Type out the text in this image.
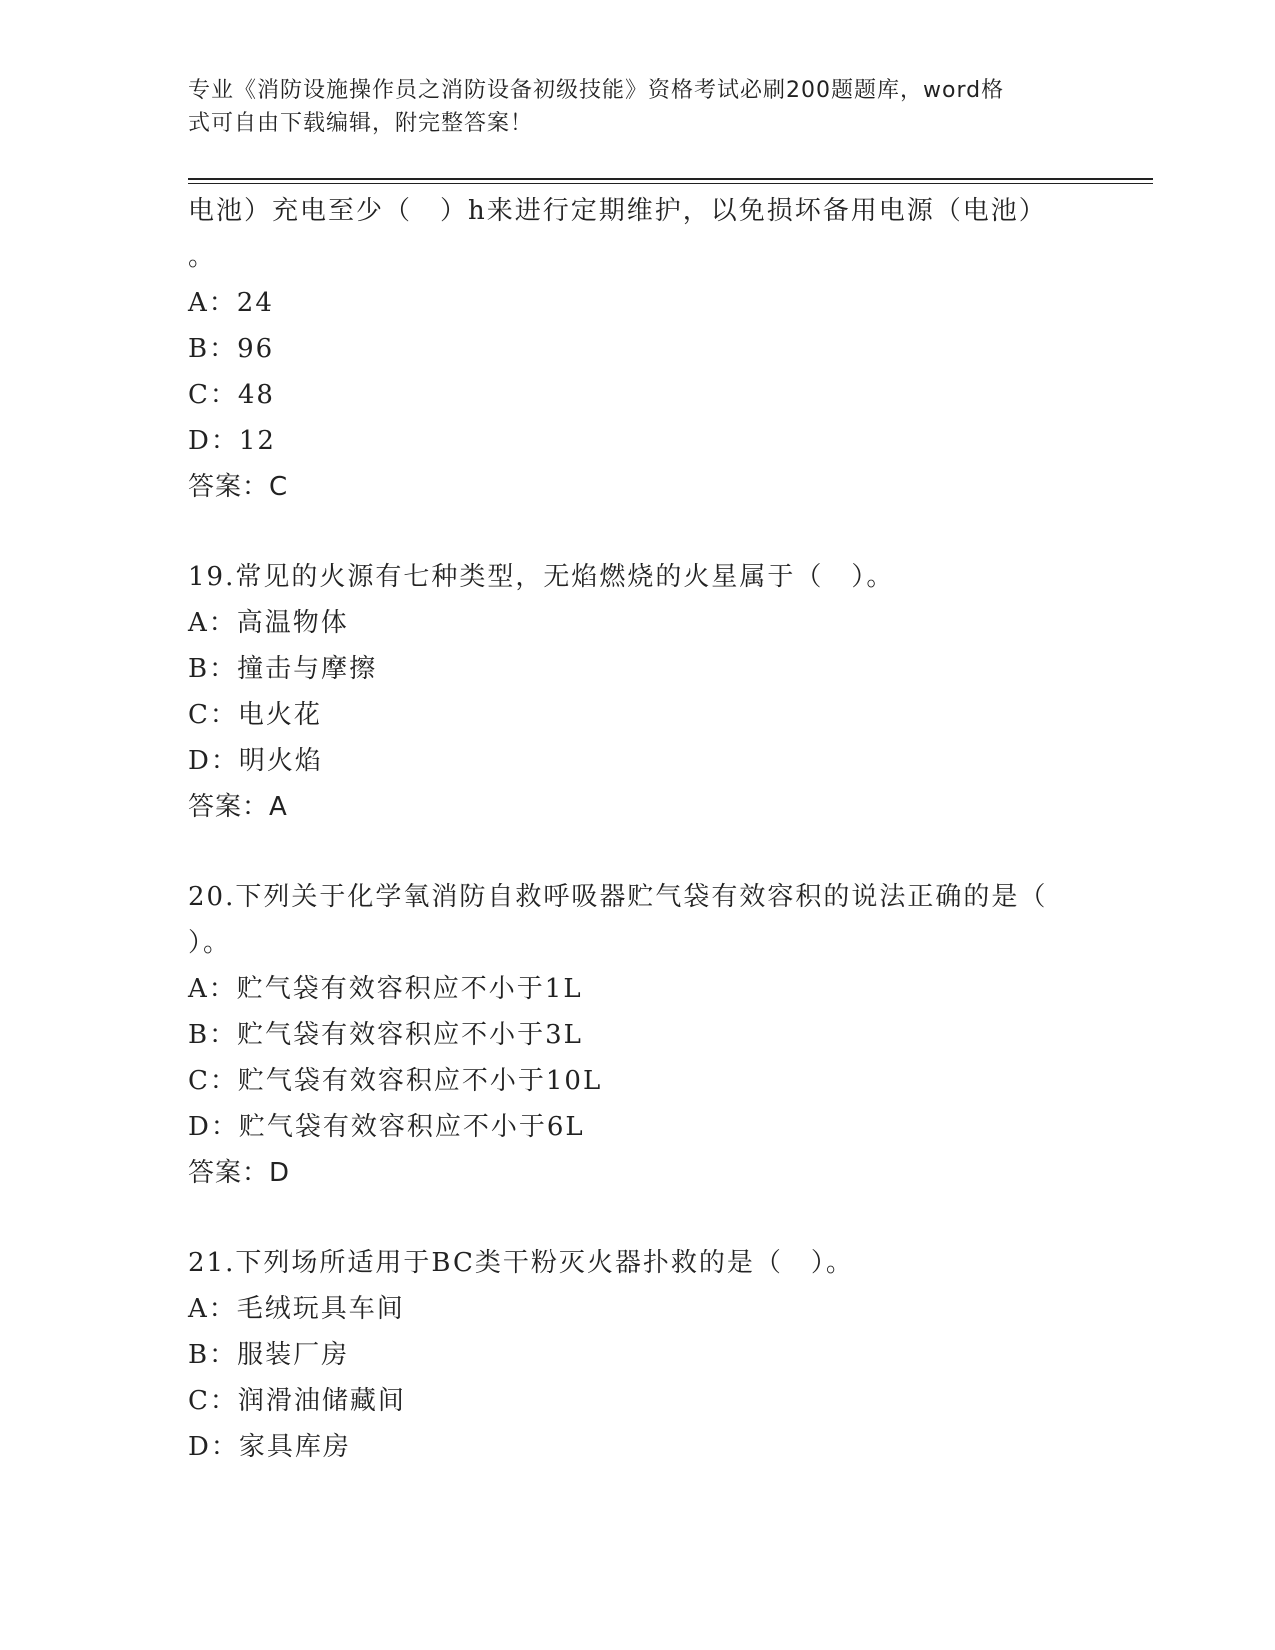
专业《消防设施操作员之消防设备初级技能》资格考试必刷200题题库，word格
式可自由下载编辑，附完整答案！
电池）充电至少（　）h来进行定期维护，以免损坏备用电源（电池）
。
A：24
B：96
C：48
D：12
答案：C
19.常见的火源有七种类型，无焰燃烧的火星属于（　）。
A：高温物体
B：撞击与摩擦
C：电火花
D：明火焰
答案：A
20.下列关于化学氧消防自救呼吸器贮气袋有效容积的说法正确的是（
）。
A：贮气袋有效容积应不小于1L
B：贮气袋有效容积应不小于3L
C：贮气袋有效容积应不小于10L
D：贮气袋有效容积应不小于6L
答案：D
21.下列场所适用于BC类干粉灭火器扑救的是（　）。
A：毛绒玩具车间
B：服装厂房
C：润滑油储藏间
D：家具库房
